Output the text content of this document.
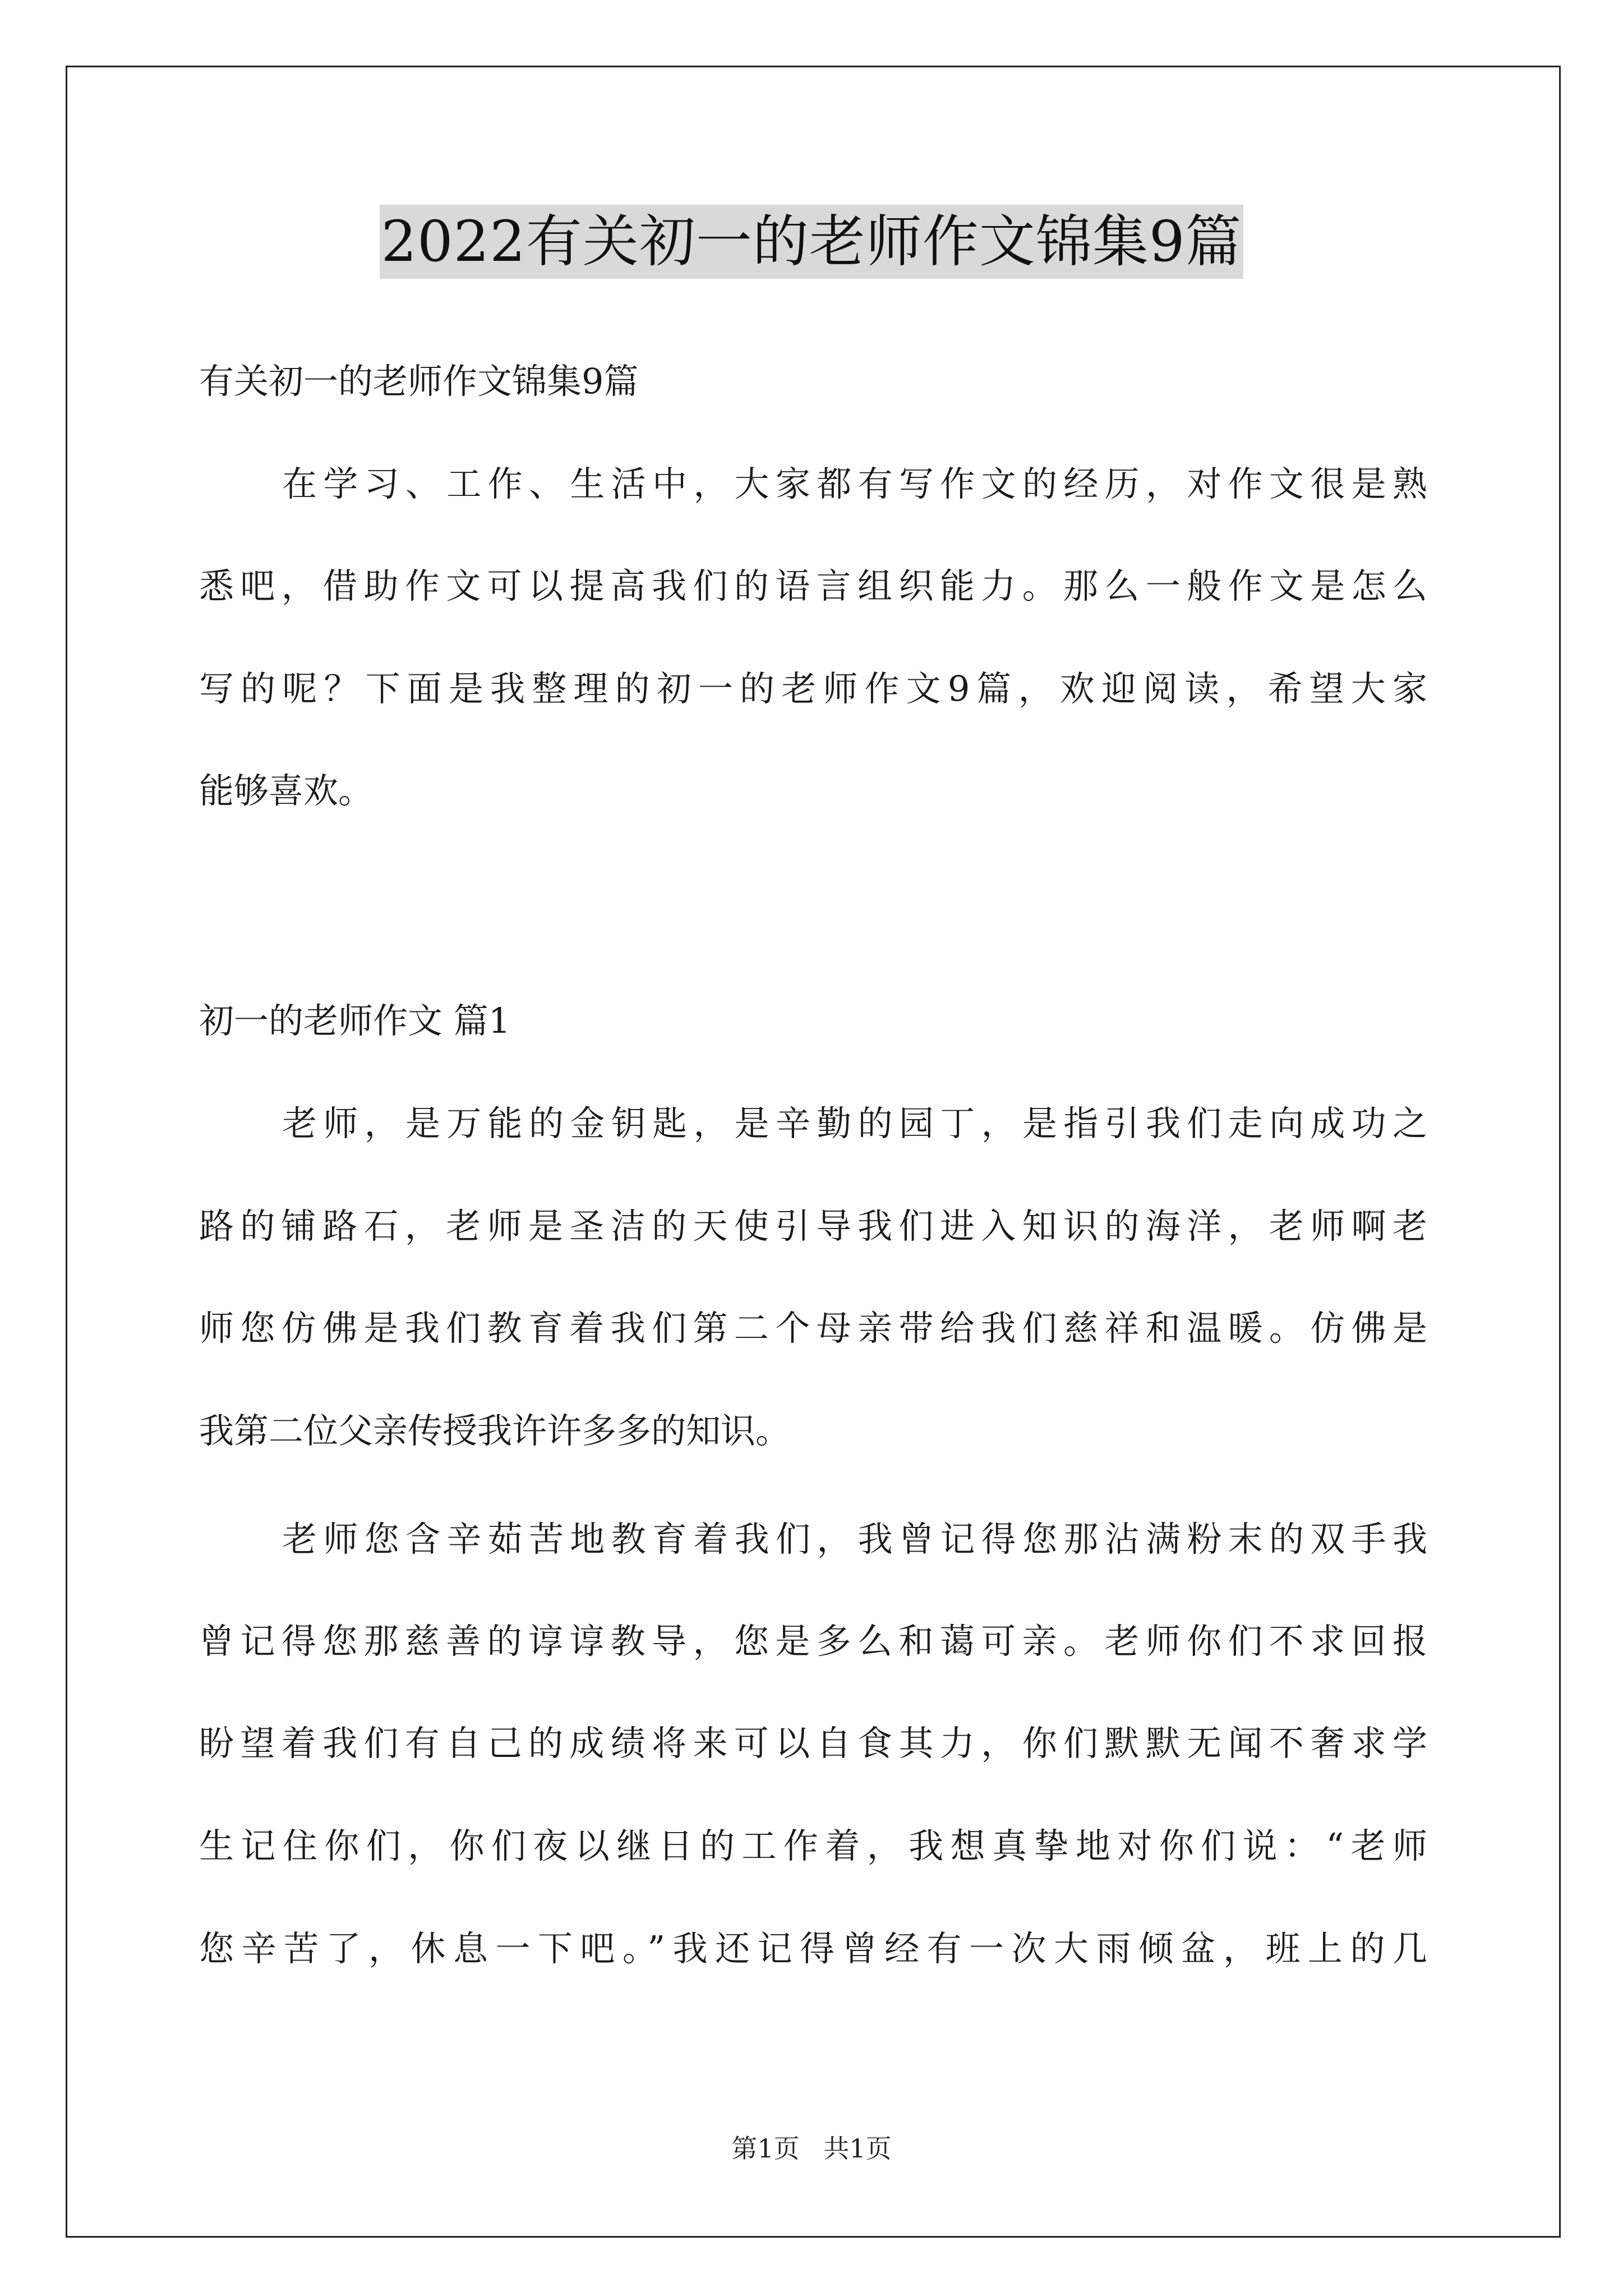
2022有关初一的老师作文锦集9篇
有关初一的老师作文锦集9篇
在学习、工作、生活中，大家都有写作文的经历，对作文很是熟
悉吧，借助作文可以提高我们的语言组织能力。那么一般作文是怎么
写的呢？下面是我整理的初一的老师作文9篇，欢迎阅读，希望大家
能够喜欢。
初一的老师作文 篇1
老师，是万能的金钥匙，是辛勤的园丁，是指引我们走向成功之
路的铺路石，老师是圣洁的天使引导我们进入知识的海洋，老师啊老
师您仿佛是我们教育着我们第二个母亲带给我们慈祥和温暖。仿佛是
我第二位父亲传授我许许多多的知识。
老师您含辛茹苦地教育着我们，我曾记得您那沾满粉末的双手我
曾记得您那慈善的谆谆教导，您是多么和蔼可亲。老师你们不求回报
盼望着我们有自己的成绩将来可以自食其力，你们默默无闻不奢求学
生记住你们，你们夜以继日的工作着，我想真挚地对你们说：“老师
您辛苦了，休息一下吧。”我还记得曾经有一次大雨倾盆，班上的几
第1页 共1页
